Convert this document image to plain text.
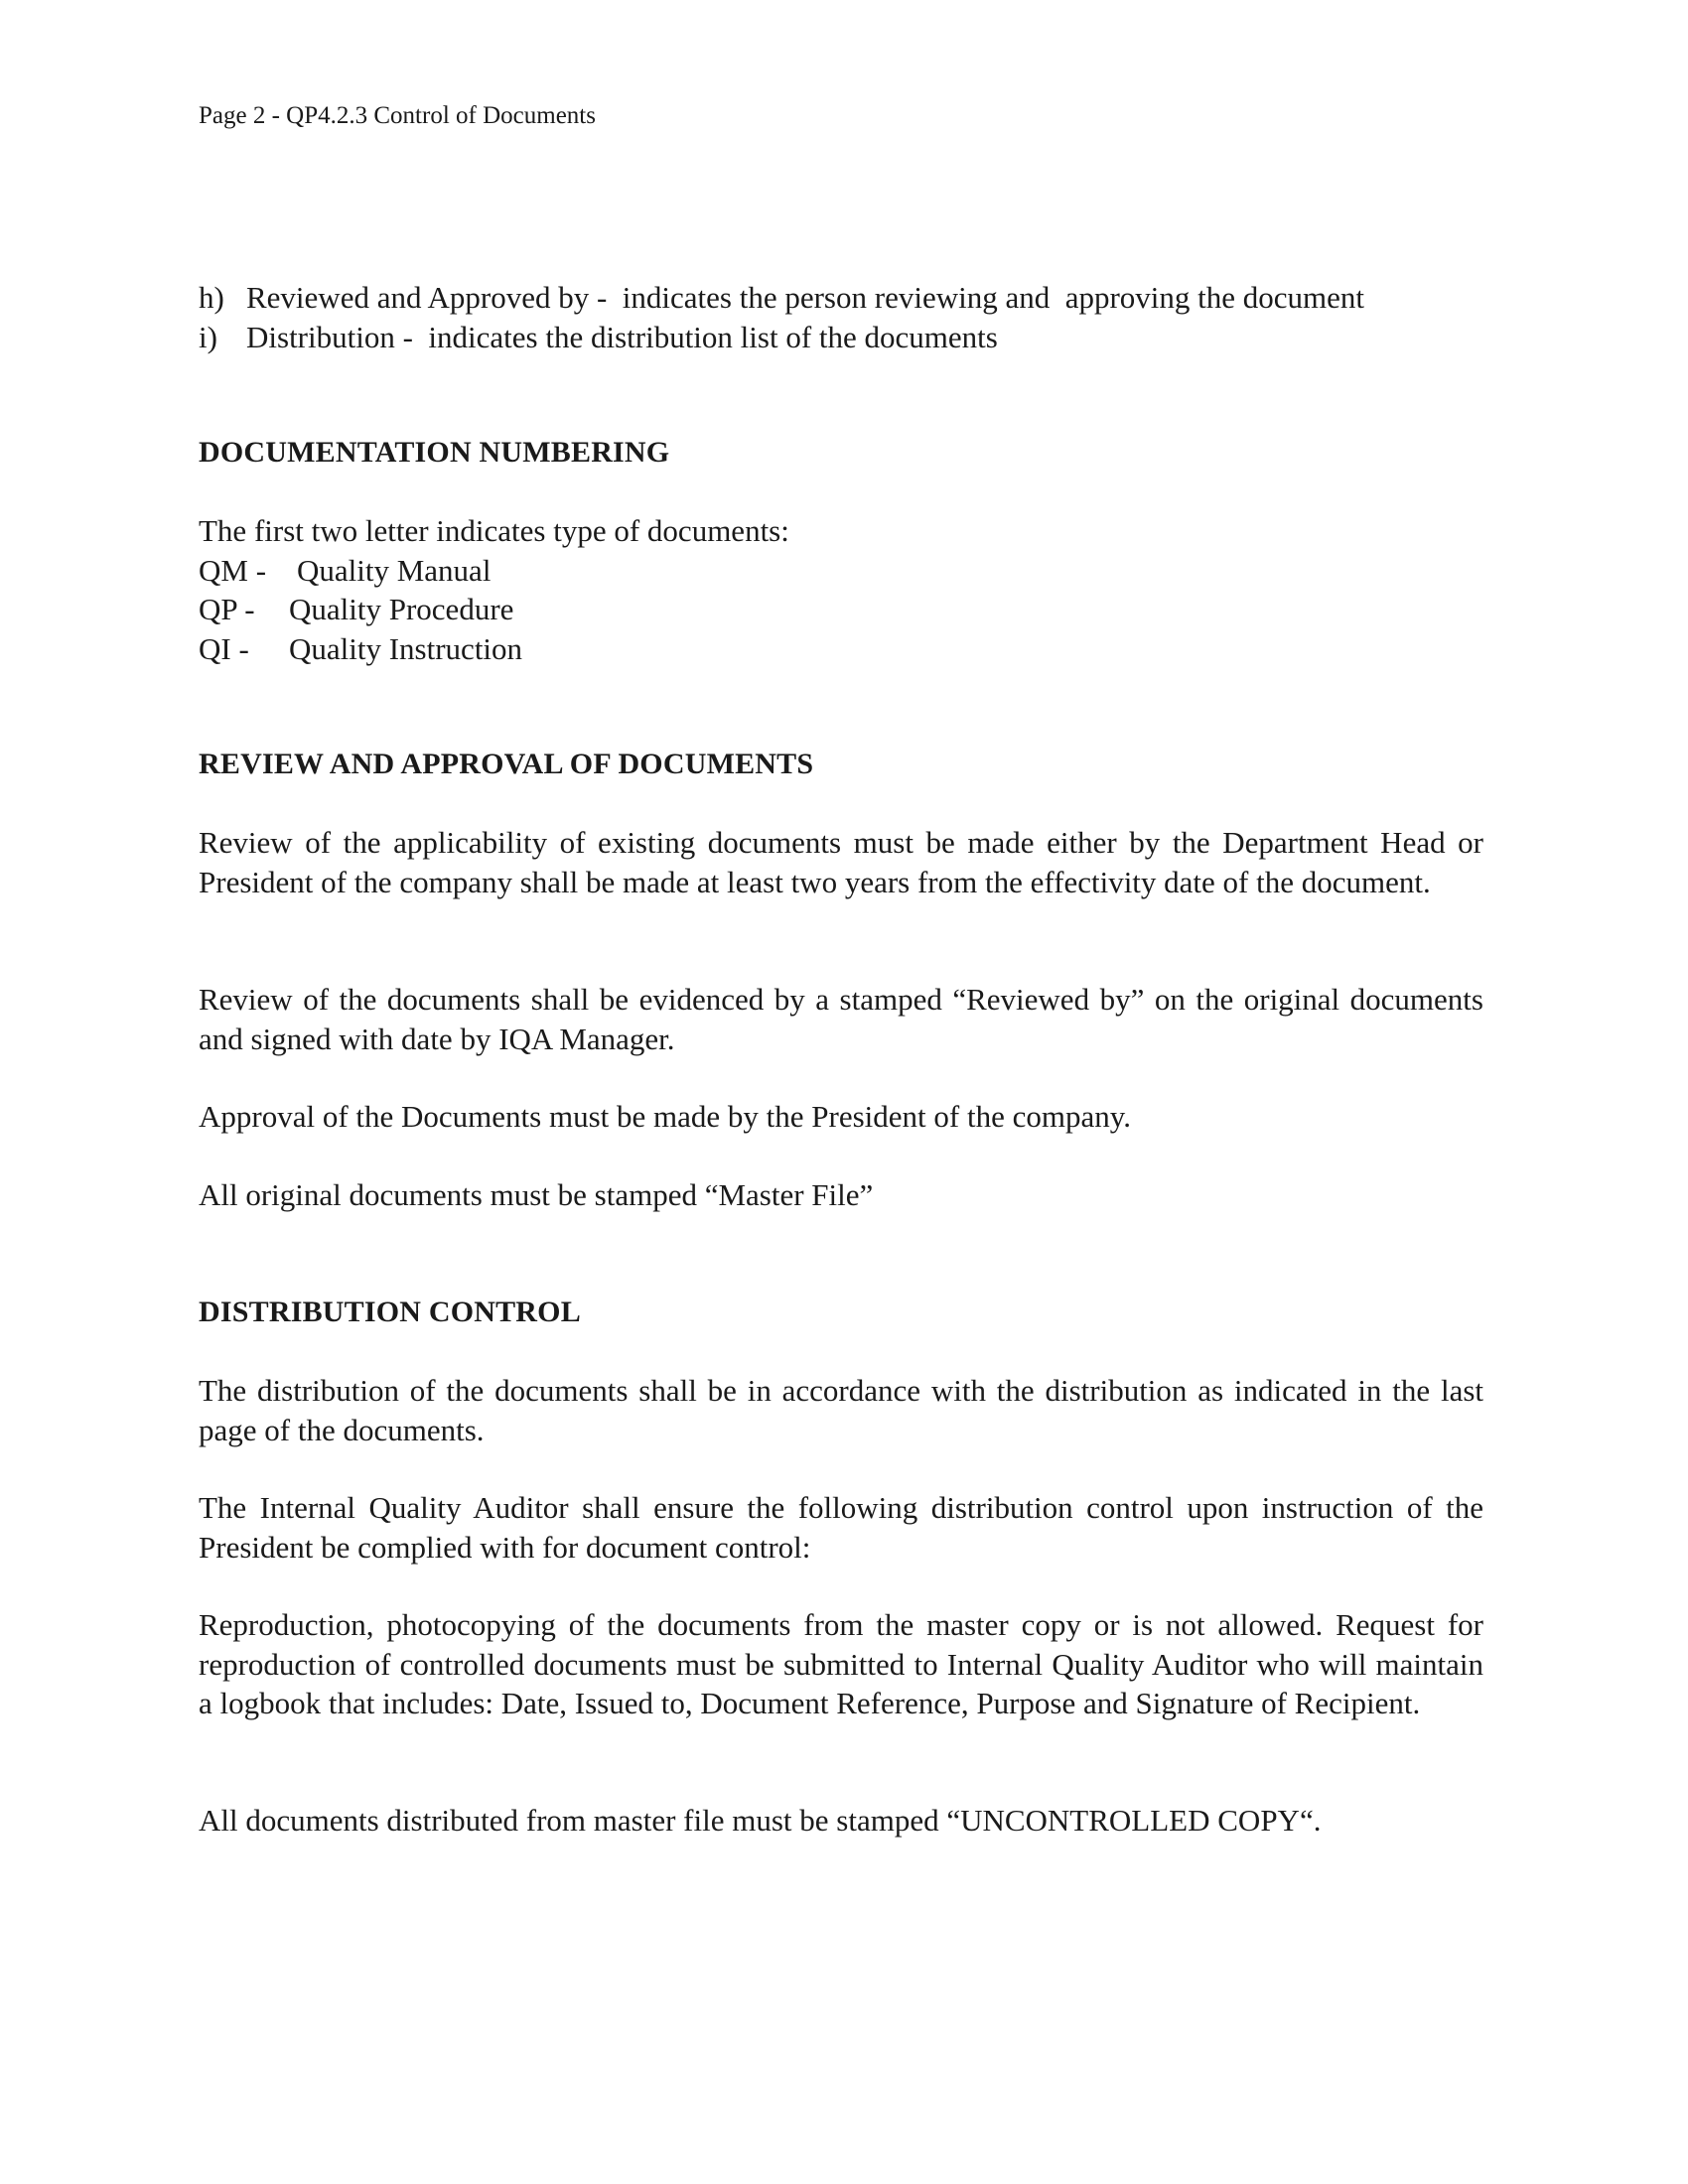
Page 2 - QP4.2.3 Control of Documents
h) Reviewed and Approved by -  indicates the person reviewing and  approving the document
i) Distribution -  indicates the distribution list of the documents
DOCUMENTATION NUMBERING
The first two letter indicates type of documents:
QM - Quality Manual
QP -	Quality Procedure
QI -	Quality Instruction
REVIEW AND APPROVAL OF DOCUMENTS
Review of the applicability of existing documents must be made either by the Department Head or President of the company shall be made at least two years from the effectivity date of the document.
Review of the documents shall be evidenced by a stamped “Reviewed by” on the original documents and signed with date by IQA Manager.
Approval of the Documents must be made by the President of the company.
All original documents must be stamped “Master File”
DISTRIBUTION CONTROL
The distribution of the documents shall be in accordance with the distribution as indicated in the last page of the documents.
The Internal Quality Auditor shall ensure the following distribution control upon instruction of the President be complied with for document control:
Reproduction, photocopying of the documents from the master copy or is not allowed. Request for reproduction of controlled documents must be submitted to Internal Quality Auditor who will maintain a logbook that includes: Date, Issued to, Document Reference, Purpose and Signature of Recipient.
All documents distributed from master file must be stamped “UNCONTROLLED COPY“.
